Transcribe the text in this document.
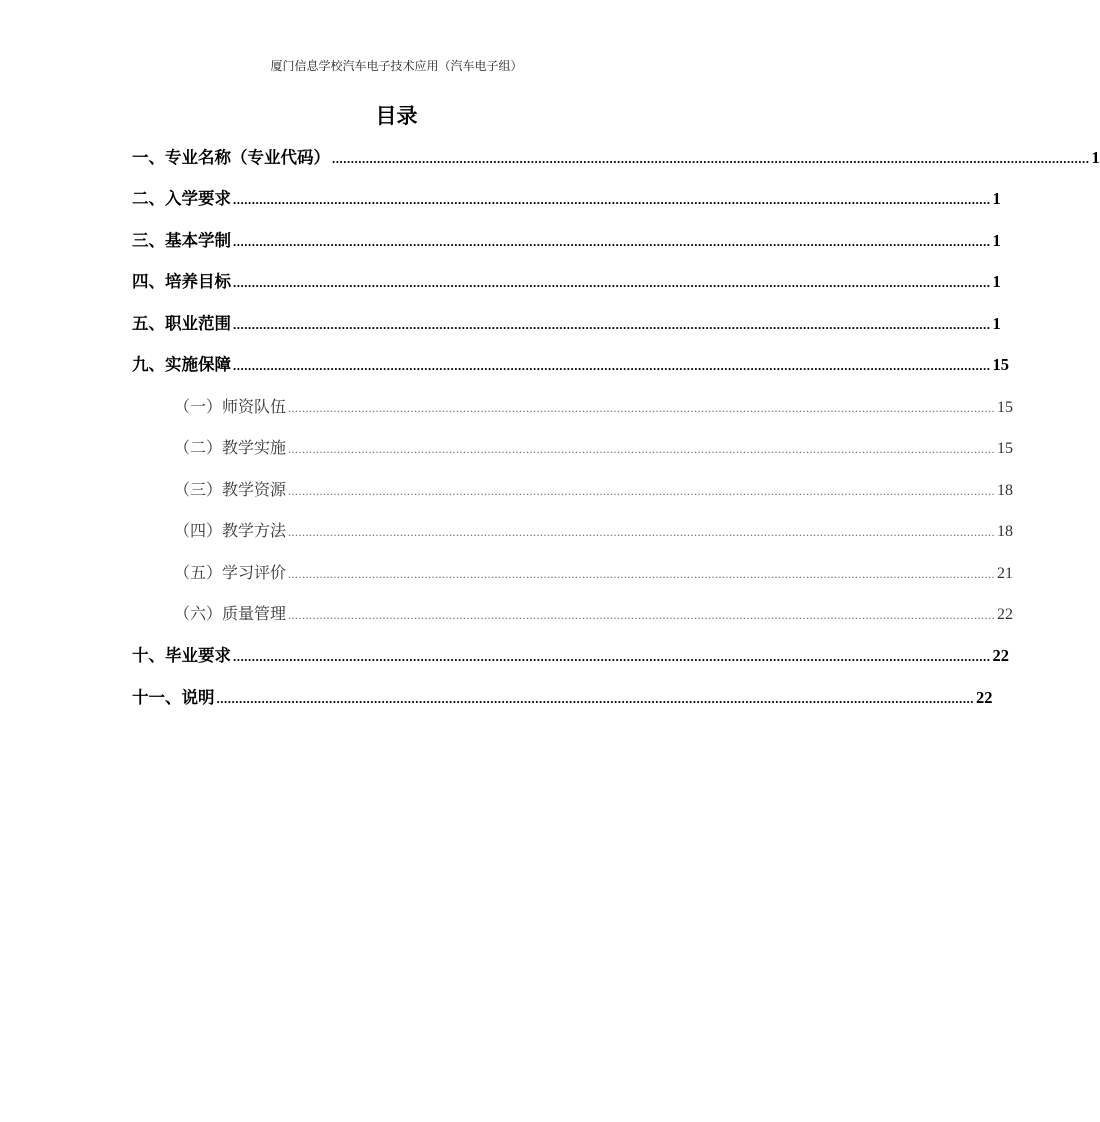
厦门信息学校汽车电子技术应用（汽车电子组）
目录
一、专业名称（专业代码） .......................................................................................................................................................................................................... 1
二、入学要求 .......................................................................................................................................................................................................... 1
三、基本学制 .......................................................................................................................................................................................................... 1
四、培养目标 .......................................................................................................................................................................................................... 1
五、职业范围 .......................................................................................................................................................................................................... 1
九、实施保障 .......................................................................................................................................................................................................... 15
（一）师资队伍 .......................................................................................................................................................................................................... 15
（二）教学实施 .......................................................................................................................................................................................................... 15
（三）教学资源 .......................................................................................................................................................................................................... 18
（四）教学方法 .......................................................................................................................................................................................................... 18
（五）学习评价 .......................................................................................................................................................................................................... 21
（六）质量管理 .......................................................................................................................................................................................................... 22
十、毕业要求 .......................................................................................................................................................................................................... 22
十一、说明 .......................................................................................................................................................................................................... 22
